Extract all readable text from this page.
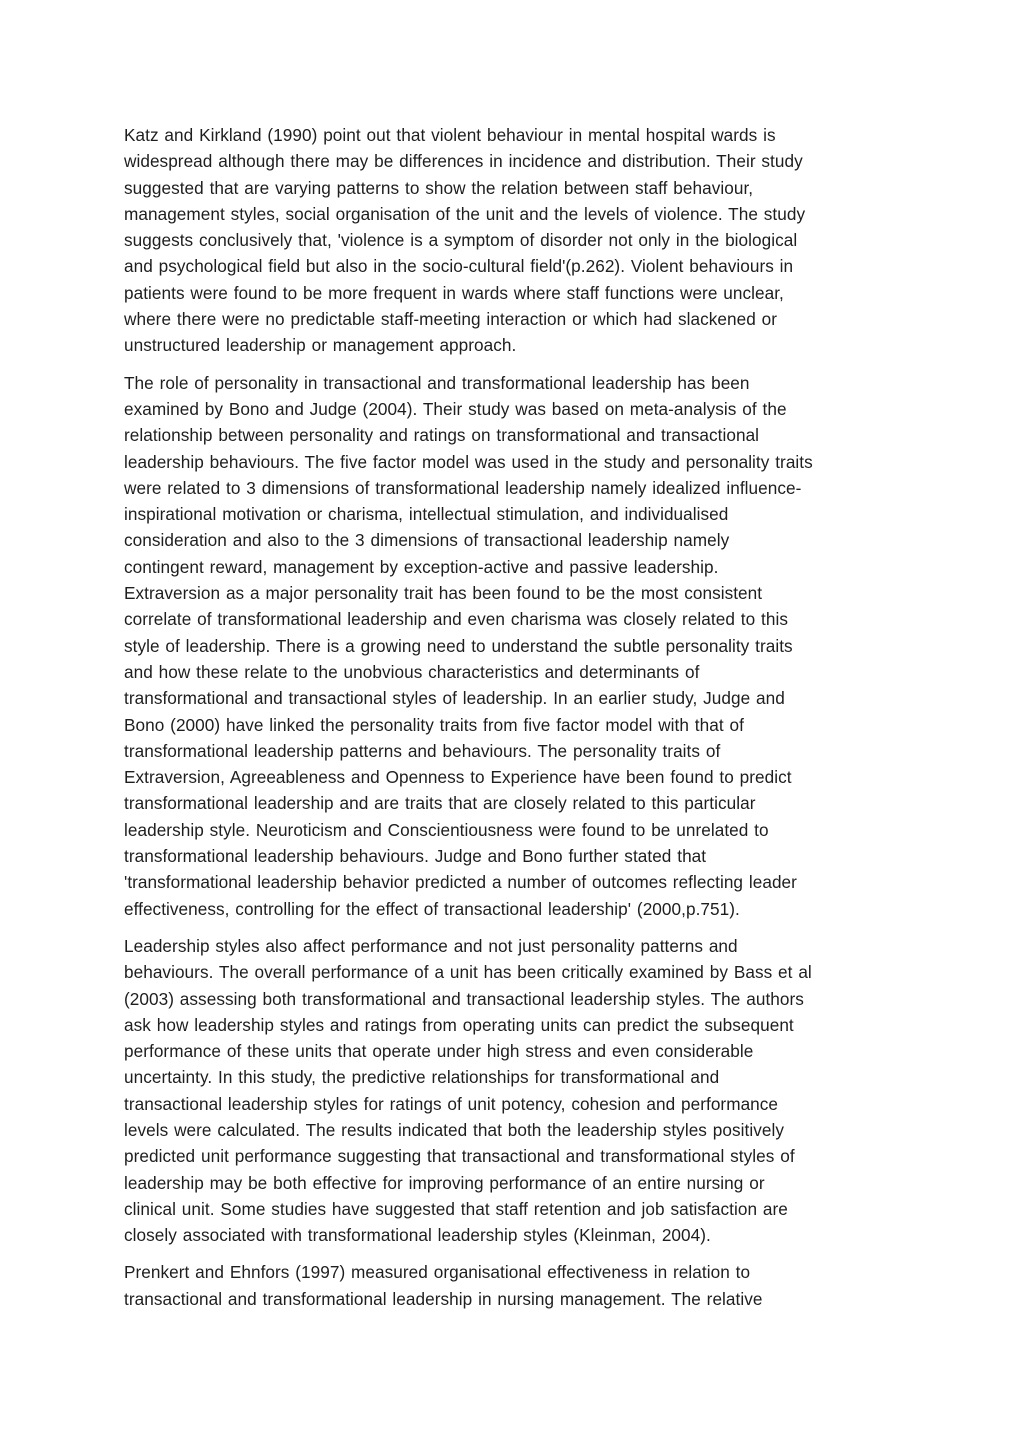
Katz and Kirkland (1990) point out that violent behaviour in mental hospital wards is
widespread although there may be differences in incidence and distribution. Their study
suggested that are varying patterns to show the relation between staff behaviour,
management styles, social organisation of the unit and the levels of violence. The study
suggests conclusively that, 'violence is a symptom of disorder not only in the biological
and psychological field but also in the socio-cultural field'(p.262). Violent behaviours in
patients were found to be more frequent in wards where staff functions were unclear,
where there were no predictable staff-meeting interaction or which had slackened or
unstructured leadership or management approach.
The role of personality in transactional and transformational leadership has been
examined by Bono and Judge (2004). Their study was based on meta-analysis of the
relationship between personality and ratings on transformational and transactional
leadership behaviours. The five factor model was used in the study and personality traits
were related to 3 dimensions of transformational leadership namely idealized influence-
inspirational motivation or charisma, intellectual stimulation, and individualised
consideration and also to the 3 dimensions of transactional leadership namely
contingent reward, management by exception-active and passive leadership.
Extraversion as a major personality trait has been found to be the most consistent
correlate of transformational leadership and even charisma was closely related to this
style of leadership. There is a growing need to understand the subtle personality traits
and how these relate to the unobvious characteristics and determinants of
transformational and transactional styles of leadership. In an earlier study, Judge and
Bono (2000) have linked the personality traits from five factor model with that of
transformational leadership patterns and behaviours. The personality traits of
Extraversion, Agreeableness and Openness to Experience have been found to predict
transformational leadership and are traits that are closely related to this particular
leadership style. Neuroticism and Conscientiousness were found to be unrelated to
transformational leadership behaviours. Judge and Bono further stated that
'transformational leadership behavior predicted a number of outcomes reflecting leader
effectiveness, controlling for the effect of transactional leadership' (2000,p.751).
Leadership styles also affect performance and not just personality patterns and
behaviours. The overall performance of a unit has been critically examined by Bass et al
(2003) assessing both transformational and transactional leadership styles. The authors
ask how leadership styles and ratings from operating units can predict the subsequent
performance of these units that operate under high stress and even considerable
uncertainty. In this study, the predictive relationships for transformational and
transactional leadership styles for ratings of unit potency, cohesion and performance
levels were calculated. The results indicated that both the leadership styles positively
predicted unit performance suggesting that transactional and transformational styles of
leadership may be both effective for improving performance of an entire nursing or
clinical unit. Some studies have suggested that staff retention and job satisfaction are
closely associated with transformational leadership styles (Kleinman, 2004).
Prenkert and Ehnfors (1997) measured organisational effectiveness in relation to
transactional and transformational leadership in nursing management. The relative
